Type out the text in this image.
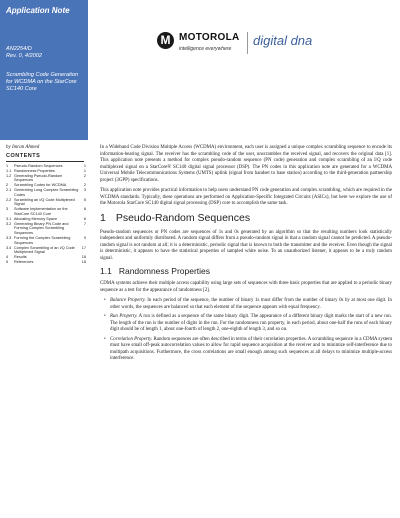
Application Note
AN2254/D
Rev. 0, 4/2002
Scrambling Code Generation for WCDMA on the StarCore SC140 Core
M MOTOROLA
intelligence everywhere
digital dna
by Imran Ahmed
CONTENTS
1	Pseudo-Random Sequences	1
1.1 Randomness Properties	1
1.2 Generating Pseudo-Random Sequences
2
2	Scrambling Codes for WCDMA	2
2.1 Generating Long Complex Scrambling Codes
3
2.2 Scrambling an I/Q Code Multiplexed Signal
5
3	Software Implementation on the StarCore SC140 Core
6
3.1 Allocating Memory Space	6
3.2 Generating Binary PN Code and Forming Complex Scrambling Sequences
7
3.3 Forming the Complex Scrambling Sequences
9
3.4 Complex Scrambling of an I/Q Code Multiplexed Signal
17
4	Results	18
5	References	18

In a Wideband Code Division Multiple Access (WCDMA) environment, each user is assigned a unique complex scrambling sequence to encode its information-bearing signal. The receiver has the scrambling code of the user, unscrambles the received signal, and recovers the original data [1]. This application note presents a method for complex pseudo-random sequence (PN code) generation and complex scrambling of an I/Q code multiplexed signal on a StarCore® SC140 digital signal processor (DSP). The PN codes in this application note are generated for a WCDMA Universal Mobile Telecommunications Systems (UMTS) uplink (signal from handset to base station) according to the third-generation partnership project (3GPP) specifications.

This application note provides practical information to help users understand PN code generation and complex scrambling, which are required in the WCDMA standards. Typically, these operations are performed on Application-Specific Integrated Circuits (ASICs), but here we explore the use of the Motorola StarCore SC140 digital signal processing (DSP) core to accomplish the same task.

1 Pseudo-Random Sequences

Pseudo-random sequences or PN codes are sequences of 1s and 0s generated by an algorithm so that the resulting numbers look statistically independent and uniformly distributed. A random signal differs from a pseudo-random signal in that a random signal cannot be predicted. A pseudo-random signal is not random at all; it is a deterministic, periodic signal that is known to both the transmitter and the receiver. Even though the signal is deterministic, it appears to have the statistical properties of sampled white noise. To an unauthorized listener, it appears to be a truly random signal.

1.1 Randomness Properties

CDMA systems achieve their multiple access capability using large sets of sequences with three basic properties that are applied to a periodic binary sequence as a test for the appearance of randomness [2].

• Balance Property. In each period of the sequence, the number of binary 1s must differ from the number of binary 0s by at most one digit. In other words, the sequences are balanced so that each element of the sequence appears with equal frequency.
• Run Property. A run is defined as a sequence of the same binary digit. The appearance of a different binary digit marks the start of a new run. The length of the run is the number of digits in the run. For the randomness run property, in each period, about one-half the runs of each binary digit should be of length 1, about one-fourth of length 2, one-eighth of length 3, and so on.
• Correlation Property. Random sequences are often described in terms of their correlation properties. A scrambling sequence in a CDMA system must have small off-peak autocorrelation values to allow for rapid sequence acquisition at the receiver and to minimize self-interference due to multipath acquisitions. Furthermore, the cross correlations are small enough among such sequences at all delays to minimize multiple-access interference.
